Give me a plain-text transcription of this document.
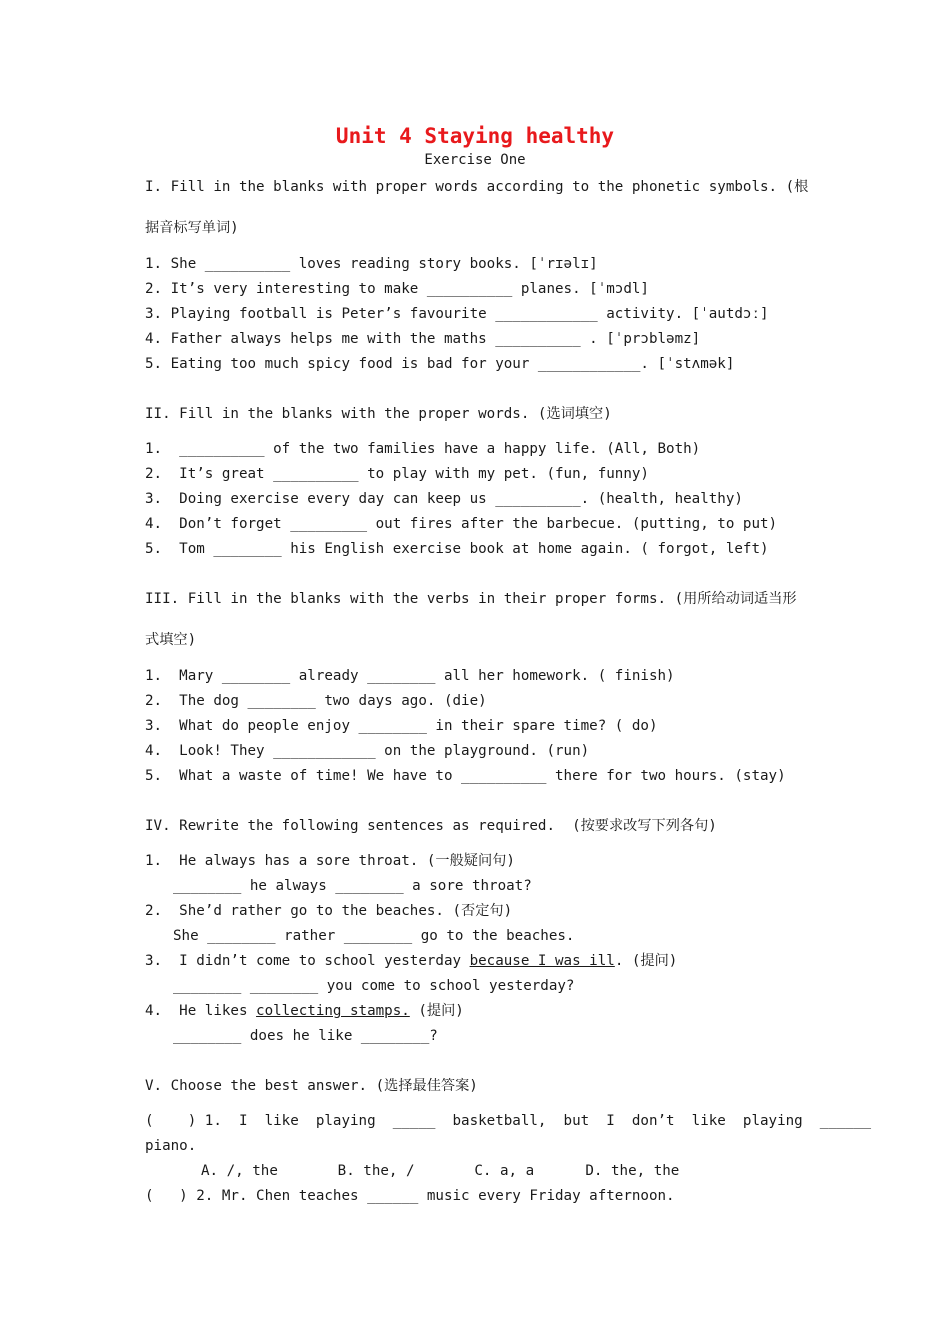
Unit 4 Staying healthy
Exercise One
I. Fill in the blanks with proper words according to the phonetic symbols. (根
据音标写单词)
1. She __________ loves reading story books. [ˈrɪəlɪ]
2. It’s very interesting to make __________ planes. [ˈmɔdl]
3. Playing football is Peter’s favourite ____________ activity. [ˈautdɔː]
4. Father always helps me with the maths __________ . [ˈprɔbləmz]
5. Eating too much spicy food is bad for your ____________. [ˈstʌmək]
II. Fill in the blanks with the proper words. (选词填空)
1.  __________ of the two families have a happy life. (All, Both)
2.  It’s great __________ to play with my pet. (fun, funny)
3.  Doing exercise every day can keep us __________. (health, healthy)
4.  Don’t forget _________ out fires after the barbecue. (putting, to put)
5.  Tom ________ his English exercise book at home again. ( forgot, left)
III. Fill in the blanks with the verbs in their proper forms. (用所给动词适当形
式填空)
1.  Mary ________ already ________ all her homework. ( finish)
2.  The dog ________ two days ago. (die)
3.  What do people enjoy ________ in their spare time? ( do)
4.  Look! They ____________ on the playground. (run)
5.  What a waste of time! We have to __________ there for two hours. (stay)
IV. Rewrite the following sentences as required.  (按要求改写下列各句)
1.  He always has a sore throat. (一般疑问句)
________ he always ________ a sore throat?
2.  She’d rather go to the beaches. (否定句)
She ________ rather ________ go to the beaches.
3.  I didn’t come to school yesterday because I was ill. (提问)
________ ________ you come to school yesterday?
4.  He likes collecting stamps. (提问)
________ does he like ________?
V. Choose the best answer. (选择最佳答案)
(    ) 1.  I  like  playing  _____  basketball,  but  I  don’t  like  playing  ______
piano.
A. /, the       B. the, /       C. a, a      D. the, the
(   ) 2. Mr. Chen teaches ______ music every Friday afternoon.
